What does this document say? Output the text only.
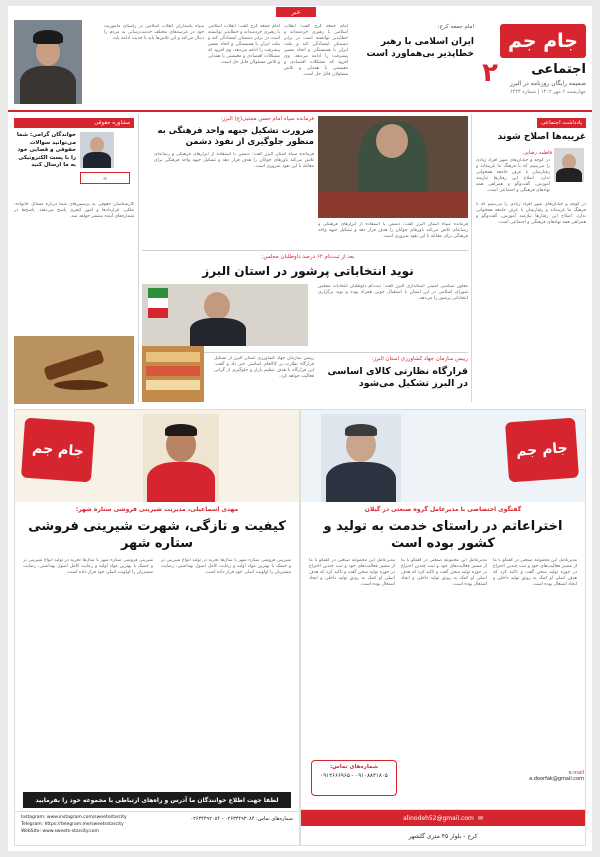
جام جم
۲	اجتماعی
ضمیمه رایگان روزنامه در البرز
چهارشنبه ۶ مهر ۱۴۰۲ | شماره ۶۴۴۴
خبر
امام جمعه کرج:
ایران اسلامی با رهبر خطاپذیر بی‌هماورد است
امام جمعه کرج گفت: انقلاب اسلامی با رهبری خردمندانه و خطاپذیر توانسته است در برابر دشمنان ایستادگی کند و ملت ایران با همبستگی و اتحاد مسیر پیشرفت را ادامه می‌دهد. وی افزود که مشکلات اقتصادی و معیشتی با همدلی و تلاش مسئولان قابل حل است.
امام جمعه کرج گفت: انقلاب اسلامی با رهبری خردمندانه و خطاپذیر توانسته است در برابر دشمنان ایستادگی کند و ملت ایران با همبستگی و اتحاد مسیر پیشرفت را ادامه می‌دهد. وی افزود که مشکلات اقتصادی و معیشتی با همدلی و تلاش مسئولان قابل حل است.
سپاه پاسداران انقلاب اسلامی در راستای ماموریت خود در عرصه‌های مختلف خدمت‌رسانی به مردم را دنبال می‌کند و این تلاش‌ها باید با جدیت ادامه یابد.
یادداشت اجتماعی
غریبه‌ها اصلاح شوند
فاطمه رضایی
در کوچه و خیابان‌های شهر افراد زیادی را می‌بینیم که با فرهنگ ما غریبه‌اند و رفتارشان با عرف جامعه همخوانی ندارد. اصلاح این رفتارها نیازمند آموزش، گفت‌وگو و همراهی همه نهادهای فرهنگی و اجتماعی است.
در کوچه و خیابان‌های شهر افراد زیادی را می‌بینیم که با فرهنگ ما غریبه‌اند و رفتارشان با عرف جامعه همخوانی ندارد. اصلاح این رفتارها نیازمند آموزش، گفت‌وگو و همراهی همه نهادهای فرهنگی و اجتماعی است.
فرمانده سپاه امام حسن مجتبی(ع) البرز:
ضرورت تشکیل جبهه واحد فرهنگی به منظور جلوگیری از نفوذ دشمن
فرمانده سپاه استان البرز گفت: دشمن با استفاده از ابزارهای فرهنگی و رسانه‌ای تلاش می‌کند باورهای جوانان را هدف قرار دهد و تشکیل جبهه واحد فرهنگی برای مقابله با این نفوذ ضروری است.
فرمانده سپاه استان البرز گفت: دشمن با استفاده از ابزارهای فرهنگی و رسانه‌ای تلاش می‌کند باورهای جوانان را هدف قرار دهد و تشکیل جبهه واحد فرهنگی برای مقابله با این نفوذ ضروری است.
مشاوره حقوقی
خواندگان گرامی: شما می‌توانید سوالات حقوقی و قضایی خود را با پست الکترونیکی به ما ارسال کنید
✉
کارشناسان حقوقی به پرسش‌های شما درباره مسائل خانواده، ملکی، قراردادها و امور کیفری پاسخ می‌دهند. پاسخ‌ها در شماره‌های آینده منتشر خواهد شد.
بعد از ثبت‌نام ۶۲ درصد داوطلبان مجلس:
نوید انتخاباتی پرشور در استان البرز
معاون سیاسی امنیتی استانداری البرز گفت: ثبت‌نام داوطلبان انتخابات مجلس شورای اسلامی در این استان با استقبال خوبی همراه بوده و نوید برگزاری انتخاباتی پرشور را می‌دهد.
رییس سازمان جهاد کشاورزی استان البرز:
قرارگاه نظارتی کالای اساسی در البرز تشکیل می‌شود
رییس سازمان جهاد کشاورزی استان البرز از تشکیل قرارگاه نظارت بر کالاهای اساسی خبر داد و گفت: این قرارگاه با هدف تنظیم بازار و جلوگیری از گرانی فعالیت خواهد کرد.
جام جم
گفتگوی اختصاصی با مدیرعامل گروه صنعتی در گیلان
اختراعاتم در راستای خدمت به تولید و کشور بوده است
مدیرعامل این مجموعه صنعتی در گفتگو با ما از مسیر فعالیت‌های خود و ثبت چندین اختراع در حوزه تولید سخن گفت و تاکید کرد که هدف اصلی او کمک به رونق تولید داخلی و ایجاد اشتغال بوده است.
مدیرعامل این مجموعه صنعتی در گفتگو با ما از مسیر فعالیت‌های خود و ثبت چندین اختراع در حوزه تولید سخن گفت و تاکید کرد که هدف اصلی او کمک به رونق تولید داخلی و ایجاد اشتغال بوده است.
مدیرعامل این مجموعه صنعتی در گفتگو با ما از مسیر فعالیت‌های خود و ثبت چندین اختراع در حوزه تولید سخن گفت و تاکید کرد که هدف اصلی او کمک به رونق تولید داخلی و ایجاد اشتغال بوده است.
شماره‌های تماس:
۰۹۱۲۶۶۶۹۶۵ - ۰۹۱۰۸۸۴۱۸۰۵
✉
alinodeh52@gmail.com
کرج - بلوار ۴۵ متری گلشهر
جام جم
مهدی اسماعیلی، مدیریت شیرینی فروشی ستاره شهر:
کیفیت و تازگی، شهرت شیرینی فروشی ستاره شهر
شیرینی فروشی ستاره شهر با سال‌ها تجربه در تولید انواع شیرینی تر و خشک با بهترین مواد اولیه و رعایت کامل اصول بهداشتی، رضایت مشتریان را اولویت اصلی خود قرار داده است.
شیرینی فروشی ستاره شهر با سال‌ها تجربه در تولید انواع شیرینی تر و خشک با بهترین مواد اولیه و رعایت کامل اصول بهداشتی، رضایت مشتریان را اولویت اصلی خود قرار داده است.
لطفا جهت اطلاع خوانندگان ما آدرس و راه‌های ارتباطی با مجموعه خود را بفرمایید
شماره‌های تماس: ۰۲۶۳۴۴۹۳۰۸۴ - ۰۲۶۳۴۴۹۲۰۸۴
Instagram: www.instagram.com/sweetsstarcity
Telegram: https://telegram.me/sweetsstarcity
WebSite: www.sweets-starcity.com
e.mail
a.doorfak@gmail.com
